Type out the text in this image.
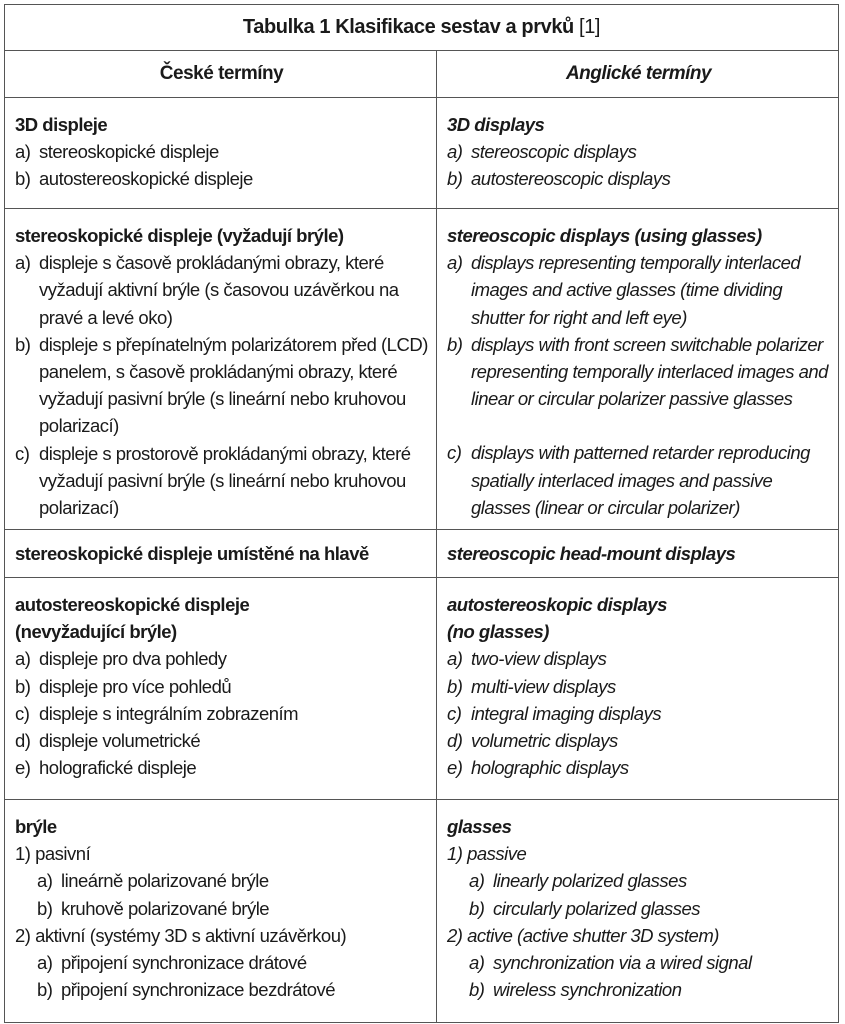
Tabulka 1 Klasifikace sestav a prvků [1]
České termíny	Anglické termíny
3D displeje
a) stereoskopické displeje
b) autostereoskopické displeje
3D displays
a) stereoscopic displays
b) autostereoscopic displays
stereoskopické displeje (vyžadují brýle)
a) displeje s časově prokládanými obrazy, které vyžadují aktivní brýle (s časovou uzávěrkou na pravé a levé oko)
b) displeje s přepínatelným polarizátorem před (LCD) panelem, s časově prokládanými obrazy, které vyžadují pasivní brýle (s lineární nebo kruhovou polarizací)
c) displeje s prostorově prokládanými obrazy, které vyžadují pasivní brýle (s lineární nebo kruhovou polarizací)
stereoscopic displays (using glasses)
a) displays representing temporally interlaced images and active glasses (time dividing shutter for right and left eye)
b) displays with front screen switchable polarizer representing temporally interlaced images and linear or circular polarizer passive glasses
c) displays with patterned retarder reproducing spatially interlaced images and passive glasses (linear or circular polarizer)
stereoskopické displeje umístěné na hlavě	stereoscopic head-mount displays
autostereoskopické displeje
(nevyžadující brýle)
a) displeje pro dva pohledy
b) displeje pro více pohledů
c) displeje s integrálním zobrazením
d) displeje volumetrické
e) holografické displeje
autostereoskopic displays
(no glasses)
a) two-view displays
b) multi-view displays
c) integral imaging displays
d) volumetric displays
e) holographic displays
brýle
1) pasivní
a) lineárně polarizované brýle
b) kruhově polarizované brýle
2) aktivní (systémy 3D s aktivní uzávěrkou)
a) připojení synchronizace drátové
b) připojení synchronizace bezdrátové
glasses
1) passive
a) linearly polarized glasses
b) circularly polarized glasses
2) active (active shutter 3D system)
a) synchronization via a wired signal
b) wireless synchronization
